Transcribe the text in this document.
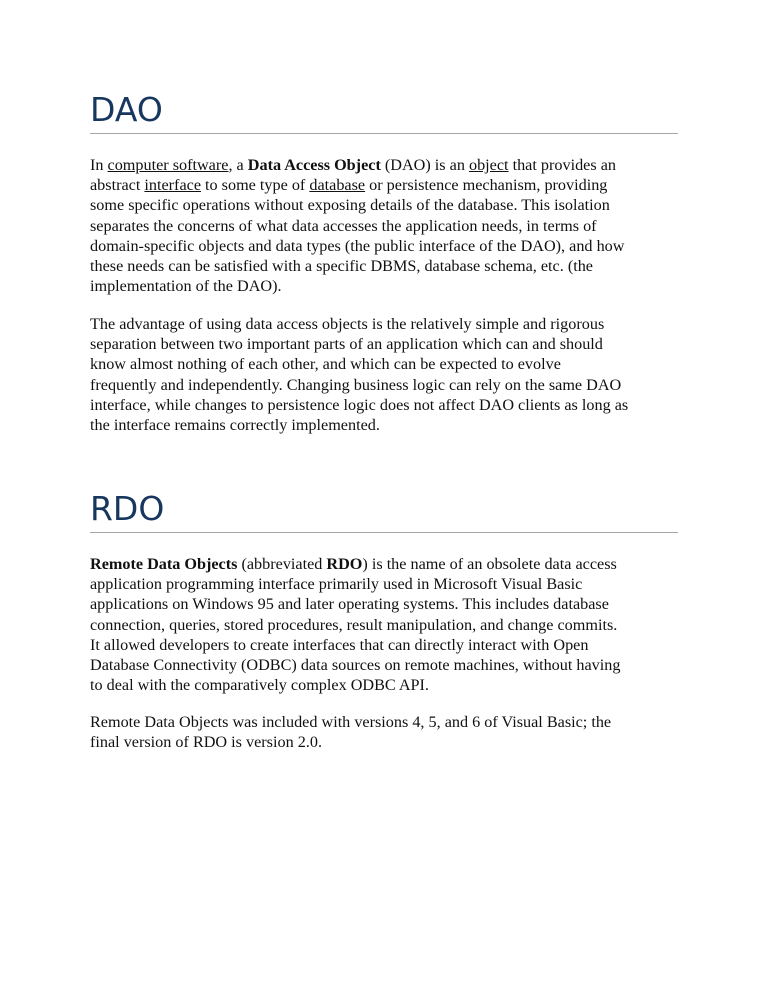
DAO
In computer software, a Data Access Object (DAO) is an object that provides an
abstract interface to some type of database or persistence mechanism, providing
some specific operations without exposing details of the database. This isolation
separates the concerns of what data accesses the application needs, in terms of
domain-specific objects and data types (the public interface of the DAO), and how
these needs can be satisfied with a specific DBMS, database schema, etc. (the
implementation of the DAO).
The advantage of using data access objects is the relatively simple and rigorous
separation between two important parts of an application which can and should
know almost nothing of each other, and which can be expected to evolve
frequently and independently. Changing business logic can rely on the same DAO
interface, while changes to persistence logic does not affect DAO clients as long as
the interface remains correctly implemented.
RDO
Remote Data Objects (abbreviated RDO) is the name of an obsolete data access
application programming interface primarily used in Microsoft Visual Basic
applications on Windows 95 and later operating systems. This includes database
connection, queries, stored procedures, result manipulation, and change commits.
It allowed developers to create interfaces that can directly interact with Open
Database Connectivity (ODBC) data sources on remote machines, without having
to deal with the comparatively complex ODBC API.
Remote Data Objects was included with versions 4, 5, and 6 of Visual Basic; the
final version of RDO is version 2.0.
